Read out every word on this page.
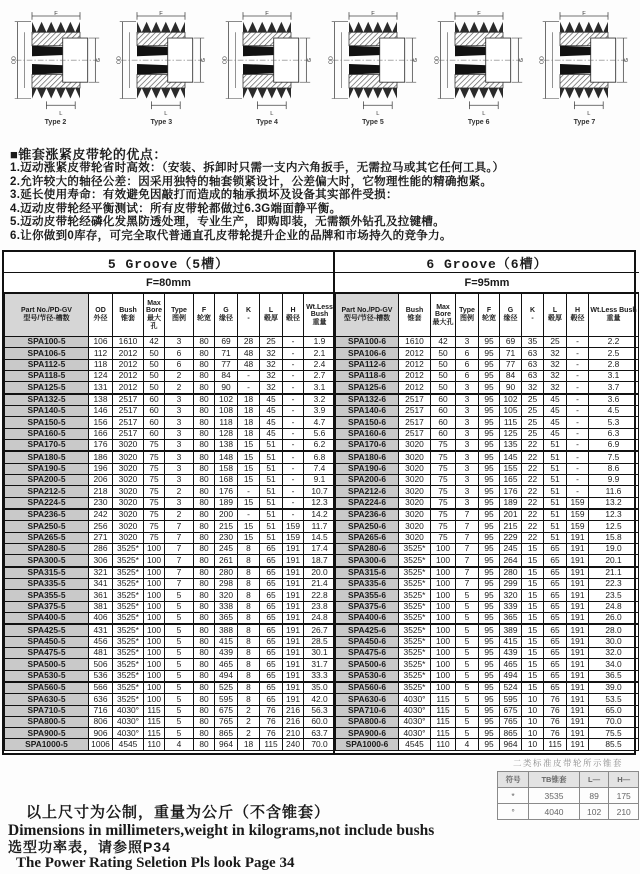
F
OD	G
L
Type 2
F
OD	G
L
Type 3
F
OD	G
L
Type 4
F
OD	G
L
Type 5
F
OD	G
L
Type 6
F
OD	G
L
Type 7
■锥套涨紧皮带轮的优点：
1.迈动涨紧皮带轮省时高效：（安装、拆卸时只需一支内六角扳手，无需拉马或其它任何工具。）
2.允许较大的轴径公差：因采用独特的轴套锁紧设计，公差偏大时，它物理性能的精确抱紧。
3.延长使用寿命：有效避免因敲打而造成的轴承损坏及设备其实部件受损：
4.迈动皮带轮经平衡测试：所有皮带轮都做过6.3G端面静平衡。
5.迈动皮带轮经磷化发黑防透处理，专业生产，即购即装，无需额外钻孔及拉键槽。
6.让你做到0库存，可完全取代普通直孔皮带轮提升企业的品牌和市场持久的竞争力。
5 Groove（5槽）
F=80mm
Part No./PD-GV
型号/节径-槽数

OD
外径

Bush
锥套

Max Bore
最大孔

Type
图例

F
轮宽

G
缘径

K
-

L
毂厚

H
毂径

Wt.Less Bush
重量

SPA100-5	106	1610	42	3	80	69	28	25	-	1.9
SPA106-5	112	2012	50	6	80	71	48	32	-	2.1
SPA112-5	118	2012	50	6	80	77	48	32	-	2.4
SPA118-5	124	2012	50	2	80	84	-	32	-	2.7
SPA125-5	131	2012	50	2	80	90	-	32	-	3.1
SPA132-5	138	2517	60	3	80	102	18	45	-	3.2
SPA140-5	146	2517	60	3	80	108	18	45	-	3.9
SPA150-5	156	2517	60	3	80	118	18	45	-	4.7
SPA160-5	166	2517	60	3	80	128	18	45	-	5.6
SPA170-5	176	3020	75	3	80	138	15	51	-	6.2
SPA180-5	186	3020	75	3	80	148	15	51	-	6.8
SPA190-5	196	3020	75	3	80	158	15	51	-	7.4
SPA200-5	206	3020	75	3	80	168	15	51	-	9.1
SPA212-5	218	3020	75	2	80	176	-	51	-	10.7
SPA224-5	230	3020	75	3	80	189	15	51	-	12.3
SPA236-5	242	3020	75	2	80	200	-	51	-	14.2
SPA250-5	256	3020	75	7	80	215	15	51	159	11.7
SPA265-5	271	3020	75	7	80	230	15	51	159	14.5
SPA280-5	286	3525*	100	7	80	245	8	65	191	17.4
SPA300-5	306	3525*	100	7	80	261	8	65	191	18.7
SPA315-5	321	3525*	100	7	80	280	8	65	191	20.0
SPA335-5	341	3525*	100	7	80	298	8	65	191	21.4
SPA355-5	361	3525*	100	5	80	320	8	65	191	22.8
SPA375-5	381	3525*	100	5	80	338	8	65	191	23.8
SPA400-5	406	3525*	100	5	80	365	8	65	191	24.8
SPA425-5	431	3525*	100	5	80	388	8	65	191	26.7
SPA450-5	456	3525*	100	5	80	415	8	65	191	28.5
SPA475-5	481	3525*	100	5	80	439	8	65	191	30.1
SPA500-5	506	3525*	100	5	80	465	8	65	191	31.7
SPA530-5	536	3525*	100	5	80	494	8	65	191	33.3
SPA560-5	566	3525*	100	5	80	525	8	65	191	35.0
SPA630-5	636	3525*	100	5	80	595	8	65	191	42.0
SPA710-5	716	4030°	115	5	80	675	2	76	216	56.3
SPA800-5	806	4030°	115	5	80	765	2	76	216	60.0
SPA900-5	906	4030°	115	5	80	865	2	76	210	63.7
SPA1000-5	1006	4545	110	4	80	964	18	115	240	70.0
6 Groove（6槽）
F=95mm
Part No./PD-GV
型号/节径-槽数

Bush
锥套

Max Bore
最大孔

Type
图例

F
轮宽

G
缘径

K
-

L
毂厚

H
毂径

Wt.Less Bush
重量

SPA100-6	1610	42	3	95	69	35	25	-	2.2
SPA106-6	2012	50	6	95	71	63	32	-	2.5
SPA112-6	2012	50	6	95	77	63	32	-	2.8
SPA118-6	2012	50	6	95	84	63	32	-	3.1
SPA125-6	2012	50	3	95	90	32	32	-	3.7
SPA132-6	2517	60	3	95	102	25	45	-	3.6
SPA140-6	2517	60	3	95	105	25	45	-	4.5
SPA150-6	2517	60	3	95	115	25	45	-	5.3
SPA160-6	2517	60	3	95	125	25	45	-	6.3
SPA170-6	3020	75	3	95	135	22	51	-	6.9
SPA180-6	3020	75	3	95	145	22	51	-	7.5
SPA190-6	3020	75	3	95	155	22	51	-	8.6
SPA200-6	3020	75	3	95	165	22	51	-	9.9
SPA212-6	3020	75	3	95	176	22	51	-	11.6
SPA224-6	3020	75	3	95	189	22	51	159	13.2
SPA236-6	3020	75	7	95	201	22	51	159	12.3
SPA250-6	3020	75	7	95	215	22	51	159	12.5
SPA265-6	3020	75	7	95	229	22	51	191	15.8
SPA280-6	3525*	100	7	95	245	15	65	191	19.0
SPA300-6	3525*	100	7	95	264	15	65	191	20.1
SPA315-6	3525*	100	7	95	280	15	65	191	21.1
SPA335-6	3525*	100	7	95	299	15	65	191	22.3
SPA355-6	3525*	100	5	95	320	15	65	191	23.5
SPA375-6	3525*	100	5	95	339	15	65	191	24.8
SPA400-6	3525*	100	5	95	365	15	65	191	26.0
SPA425-6	3525*	100	5	95	389	15	65	191	28.0
SPA450-6	3525*	100	5	95	415	15	65	191	30.0
SPA475-6	3525*	100	5	95	439	15	65	191	32.0
SPA500-6	3525*	100	5	95	465	15	65	191	34.0
SPA530-6	3525*	100	5	95	494	15	65	191	36.5
SPA560-6	3525*	100	5	95	524	15	65	191	39.0
SPA630-6	4030°	115	5	95	595	10	76	191	53.5
SPA710-6	4030°	115	5	95	675	10	76	191	65.0
SPA800-6	4030°	115	5	95	765	10	76	191	70.0
SPA900-6	4030°	115	5	95	865	10	76	191	75.5
SPA1000-6	4545	110	4	95	964	10	115	191	85.5
二类标准皮带轮所示锥套
符号	TB锥套	L—	H—
*	3535	89	175
°	4040	102	210
以上尺寸为公制，重量为公斤（不含锥套）
Dimensions in millimeters,weight in kilograms,not include bushs
选型功率表，请参照P34
The Power Rating Seletion Pls look Page 34
